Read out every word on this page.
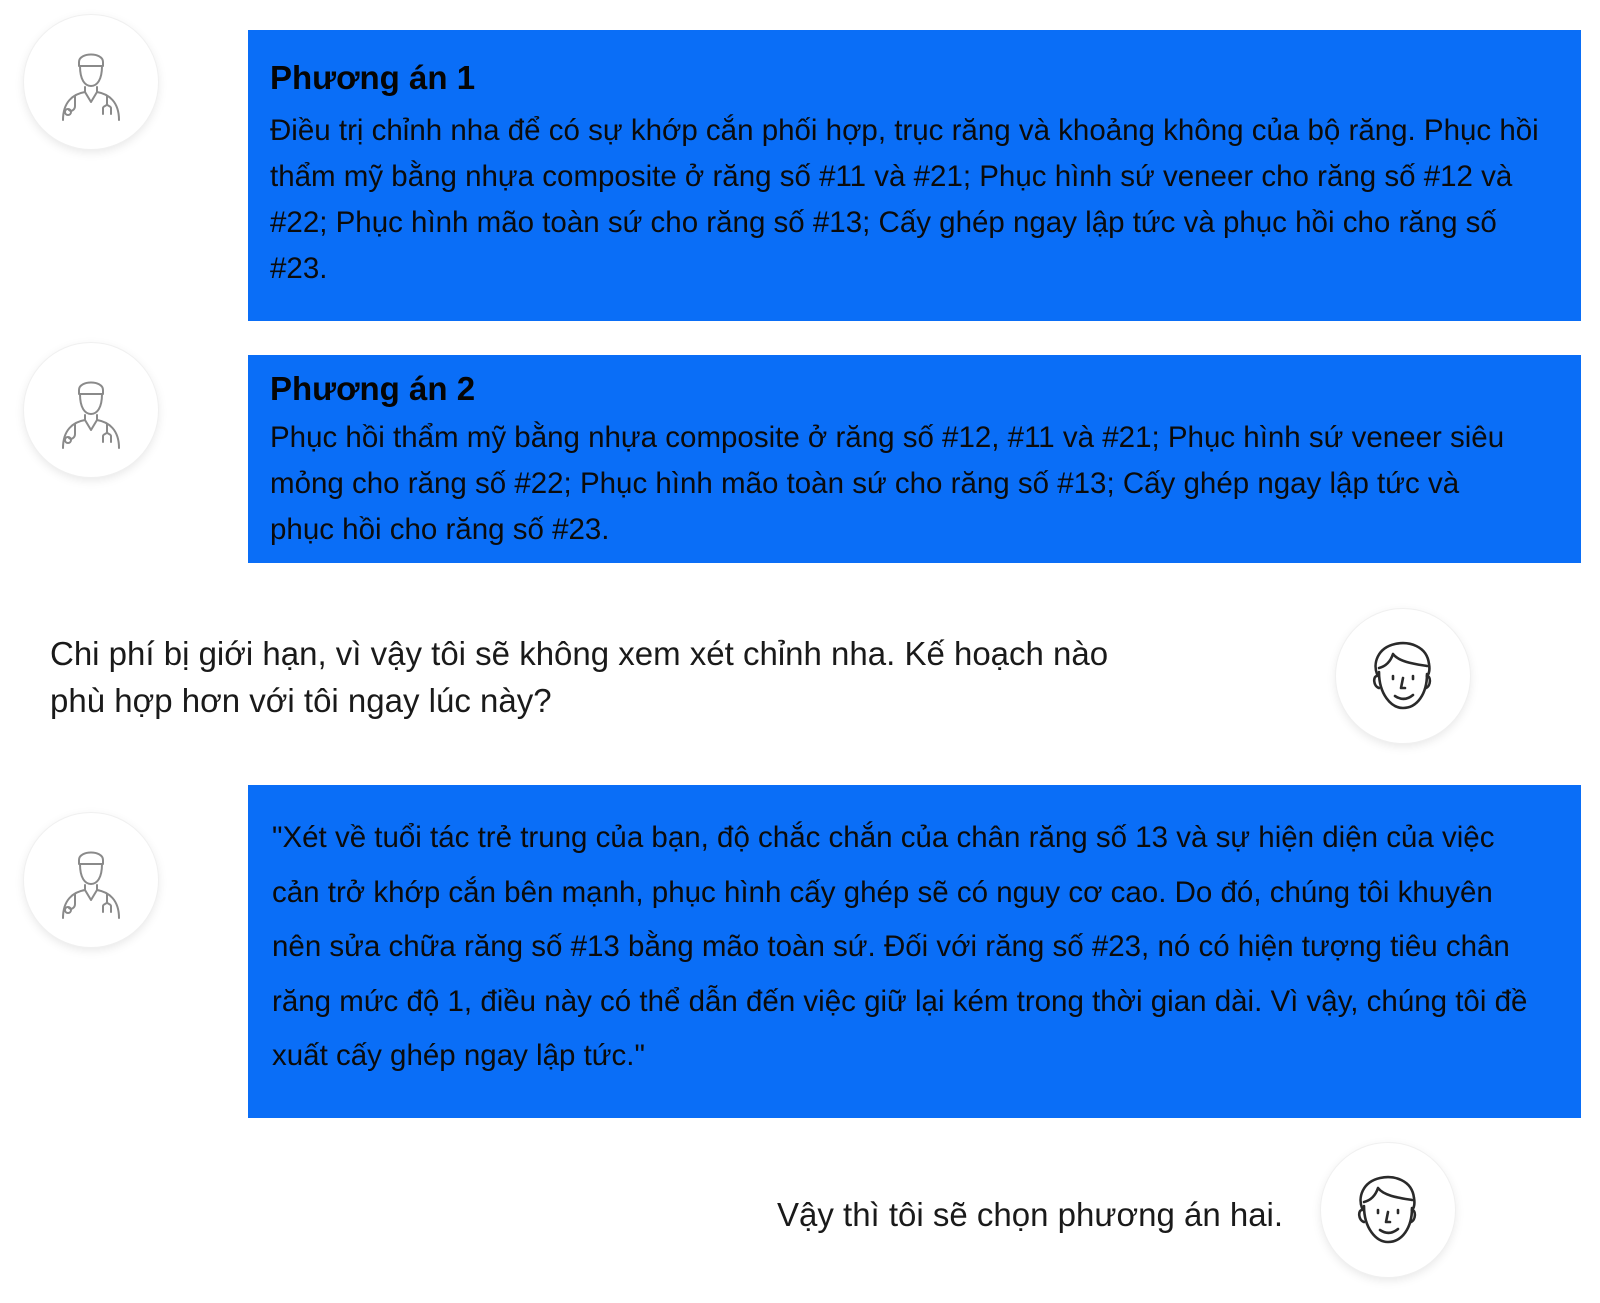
Phương án 1
Điều trị chỉnh nha để có sự khớp cắn phối hợp, trục răng và khoảng không của bộ răng. Phục hồi thẩm mỹ bằng nhựa composite ở răng số #11 và #21; Phục hình sứ veneer cho răng số #12 và #22; Phục hình mão toàn sứ cho răng số #13; Cấy ghép ngay lập tức và phục hồi cho răng số #23.
Phương án 2
Phục hồi thẩm mỹ bằng nhựa composite ở răng số #12, #11 và #21; Phục hình sứ veneer siêu mỏng cho răng số #22; Phục hình mão toàn sứ cho răng số #13; Cấy ghép ngay lập tức và phục hồi cho răng số #23.
Chi phí bị giới hạn, vì vậy tôi sẽ không xem xét chỉnh nha. Kế hoạch nào phù hợp hơn với tôi ngay lúc này?
"Xét về tuổi tác trẻ trung của bạn, độ chắc chắn của chân răng số 13 và sự hiện diện của việc cản trở khớp cắn bên mạnh, phục hình cấy ghép sẽ có nguy cơ cao. Do đó, chúng tôi khuyên nên sửa chữa răng số #13 bằng mão toàn sứ. Đối với răng số #23, nó có hiện tượng tiêu chân răng mức độ 1, điều này có thể dẫn đến việc giữ lại kém trong thời gian dài. Vì vậy, chúng tôi đề xuất cấy ghép ngay lập tức."
Vậy thì tôi sẽ chọn phương án hai.
